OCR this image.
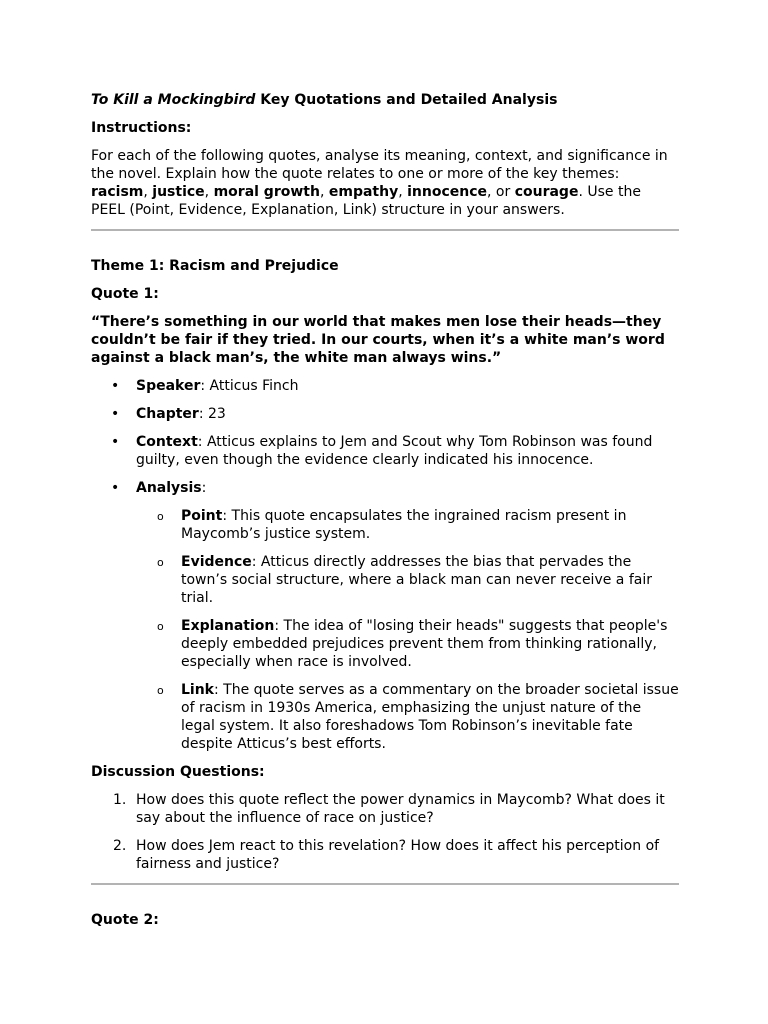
To Kill a Mockingbird Key Quotations and Detailed Analysis

Instructions:

For each of the following quotes, analyse its meaning, context, and significance in the novel. Explain how the quote relates to one or more of the key themes: racism, justice, moral growth, empathy, innocence, or courage. Use the PEEL (Point, Evidence, Explanation, Link) structure in your answers.

Theme 1: Racism and Prejudice

Quote 1:

“There’s something in our world that makes men lose their heads—they couldn’t be fair if they tried. In our courts, when it’s a white man’s word against a black man’s, the white man always wins.”

• Speaker: Atticus Finch
• Chapter: 23
• Context: Atticus explains to Jem and Scout why Tom Robinson was found guilty, even though the evidence clearly indicated his innocence.
• Analysis:
o Point: This quote encapsulates the ingrained racism present in Maycomb’s justice system.
o Evidence: Atticus directly addresses the bias that pervades the town’s social structure, where a black man can never receive a fair trial.
o Explanation: The idea of "losing their heads" suggests that people's deeply embedded prejudices prevent them from thinking rationally, especially when race is involved.
o Link: The quote serves as a commentary on the broader societal issue of racism in 1930s America, emphasizing the unjust nature of the legal system. It also foreshadows Tom Robinson’s inevitable fate despite Atticus’s best efforts.

Discussion Questions:

1. How does this quote reflect the power dynamics in Maycomb? What does it say about the influence of race on justice?
2. How does Jem react to this revelation? How does it affect his perception of fairness and justice?

Quote 2:
